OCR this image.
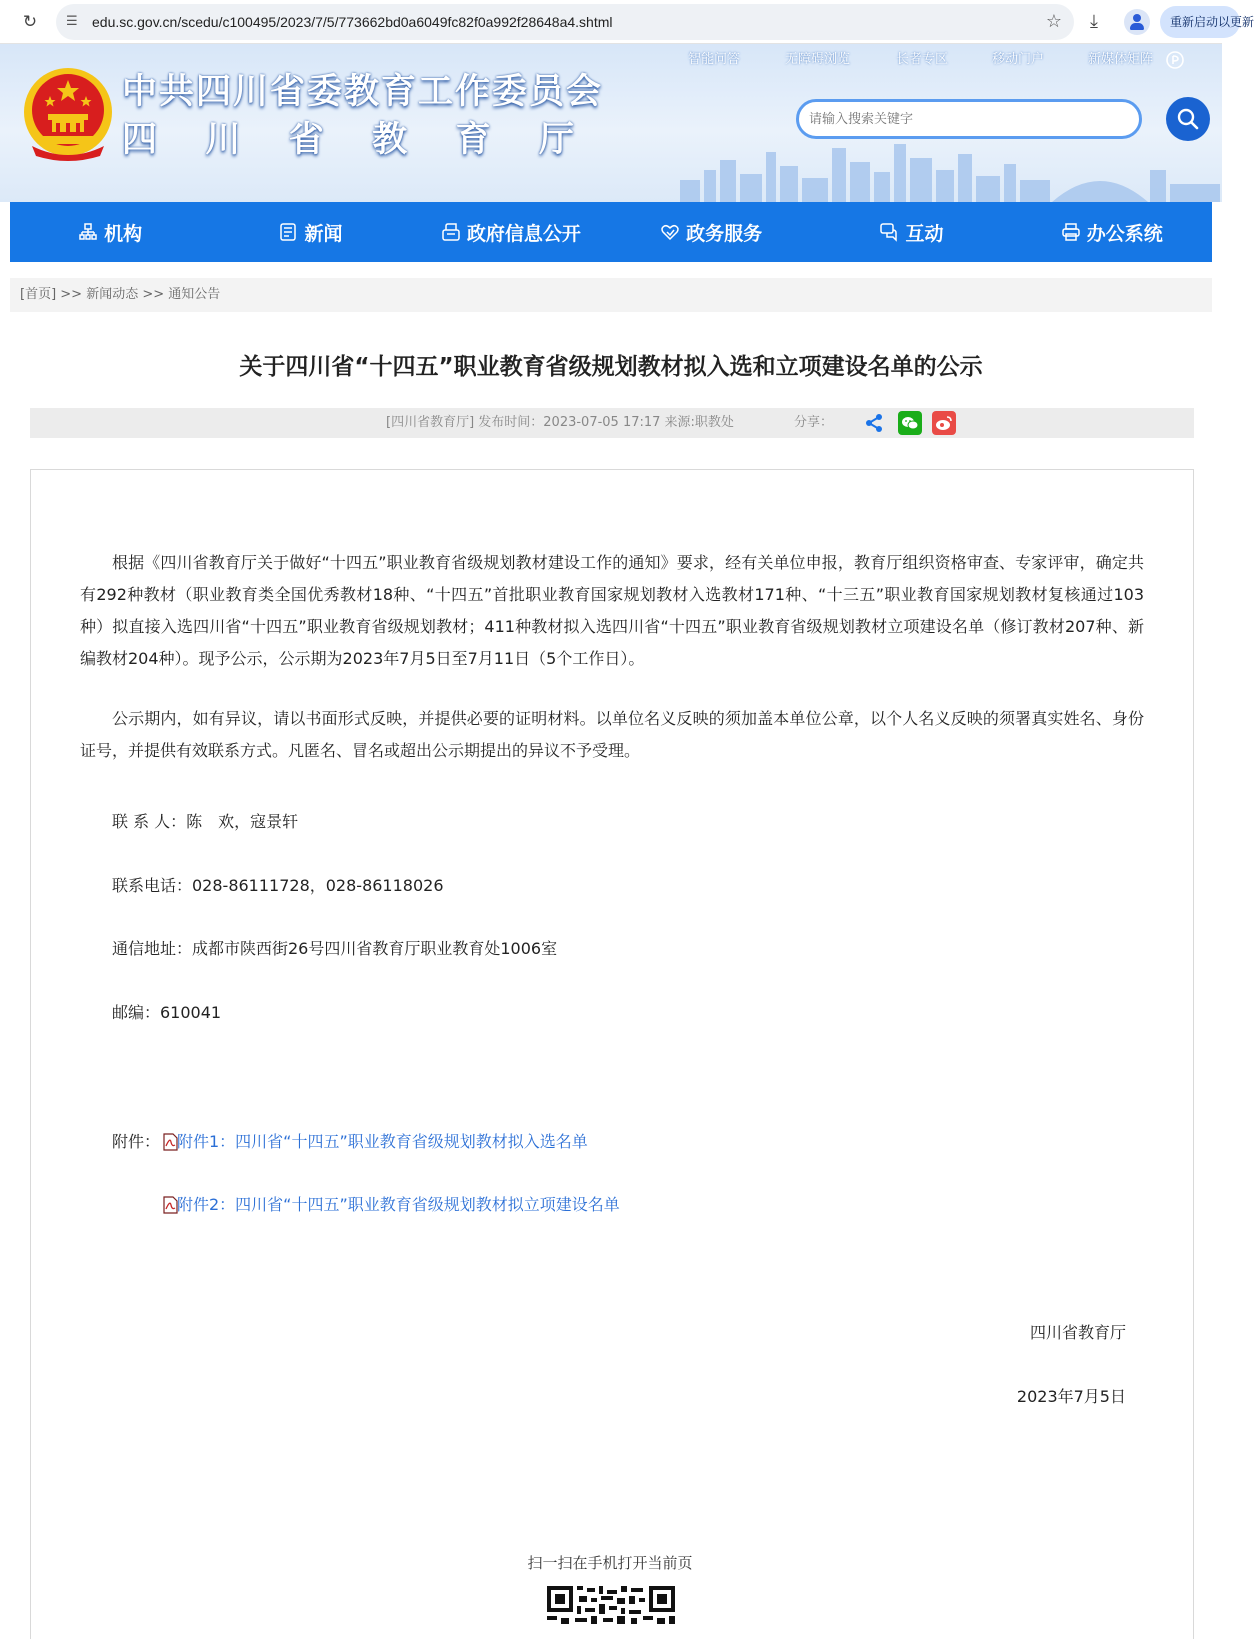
↻	☰ edu.sc.gov.cn/scedu/c100495/2023/7/5/773662bd0a6049fc82f0a992f28648a4.shtml	☆ ⤓	重新启动以更新
中共四川省委教育工作委员会
四 川 省 教 育 厅
智能问答	无障碍浏览	长者专区	移动门户	新媒体矩阵
请输入搜索关键字
机构	新闻	政府信息公开	政务服务	互动	办公系统
[首页] >> 新闻动态 >> 通知公告
关于四川省“十四五”职业教育省级规划教材拟入选和立项建设名单的公示
[四川省教育厅] 发布时间：2023-07-05 17:17 来源:职教处	分享：

根据《四川省教育厅关于做好“十四五”职业教育省级规划教材建设工作的通知》要求，经有关单位申报，教育厅组织资格审查、专家评审，确定共有292种教材（职业教育类全国优秀教材18种、“十四五”首批职业教育国家规划教材入选教材171种、“十三五”职业教育国家规划教材复核通过103种）拟直接入选四川省“十四五”职业教育省级规划教材；411种教材拟入选四川省“十四五”职业教育省级规划教材立项建设名单（修订教材207种、新编教材204种）。现予公示，公示期为2023年7月5日至7月11日（5个工作日）。

公示期内，如有异议，请以书面形式反映，并提供必要的证明材料。以单位名义反映的须加盖本单位公章，以个人名义反映的须署真实姓名、身份证号，并提供有效联系方式。凡匿名、冒名或超出公示期提出的异议不予受理。

联 系 人：陈　欢，寇景轩
联系电话：028-86111728，028-86118026
通信地址：成都市陕西街26号四川省教育厅职业教育处1006室
邮编：610041
附件： 附件1：四川省“十四五”职业教育省级规划教材拟入选名单
附件2：四川省“十四五”职业教育省级规划教材拟立项建设名单
四川省教育厅
2023年7月5日
扫一扫在手机打开当前页
